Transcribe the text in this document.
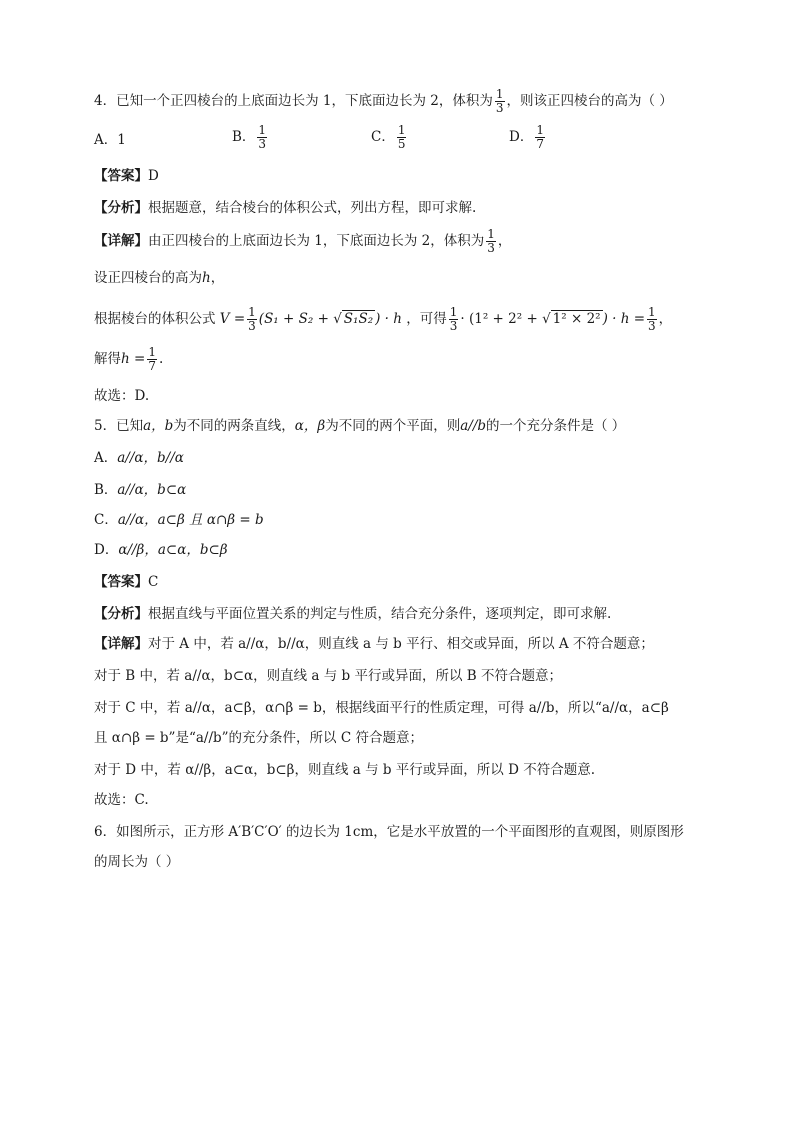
4．已知一个正四棱台的上底面边长为 1，下底面边长为 2，体积为 $\frac{1}{3}$ ，则该正四棱台的高为（ ）
A．1	B． $\frac{1}{3}$	C． $\frac{1}{5}$	D． $\frac{1}{7}$
【答案】D
【分析】根据题意，结合棱台的体积公式，列出方程，即可求解.
【详解】由正四棱台的上底面边长为 1，下底面边长为 2，体积为 $\frac{1}{3}$ ，
设正四棱台的高为h，
根据棱台的体积公式 $V = \frac{1}{3} (S_1 + S_2$ + √ S₁S₂ ) · h ，可得 $\frac{1}{3} \cdot (1^2 + 2^2$ + √ 1² × 2² ) · $h = \frac{1}{3}$ ，
解得$h = \frac{1}{7}$ .
故选：D.
5．已知a，b为不同的两条直线，α，β为不同的两个平面，则a//b的一个充分条件是（ ）
A．a//α，b//α
B．a//α，b⊂α
C．a//α，a⊂β 且 α∩β = b
D．α//β，a⊂α，b⊂β
【答案】C
【分析】根据直线与平面位置关系的判定与性质，结合充分条件，逐项判定，即可求解.
【详解】对于 A 中，若 a//α，b//α，则直线 a 与 b 平行、相交或异面，所以 A 不符合题意；
对于 B 中，若 a//α，b⊂α，则直线 a 与 b 平行或异面，所以 B 不符合题意；
对于 C 中，若 a//α，a⊂β，α∩β = b，根据线面平行的性质定理，可得 a//b，所以“a//α，a⊂β
且 α∩β = b”是“a//b”的充分条件，所以 C 符合题意；
对于 D 中，若 α//β，a⊂α，b⊂β，则直线 a 与 b 平行或异面，所以 D 不符合题意.
故选：C.
6．如图所示，正方形 A′B′C′O′ 的边长为 1cm，它是水平放置的一个平面图形的直观图，则原图形
的周长为（ ）
